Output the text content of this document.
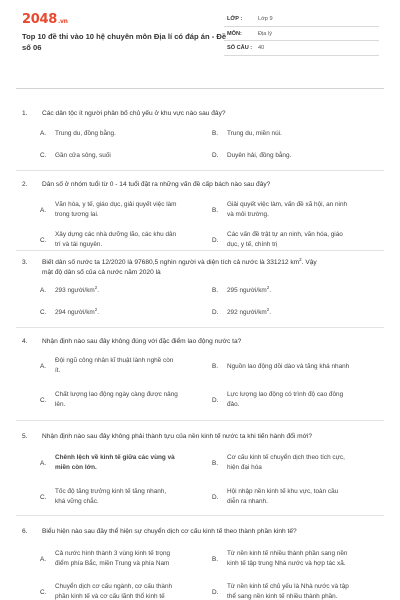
2048.vn
Top 10 đề thi vào 10 hệ chuyên môn Địa lí có đáp án - Đề số 06
LỚP :	Lớp 9
MÔN:	Địa lý
SỐ CÂU : 40
1. Các dân tộc ít người phân bố chủ yếu ở khu vực nào sau đây?
A. Trung du, đồng bằng.	B. Trung du, miền núi.
C. Gần cửa sông, suối	D. Duyên hải, đồng bằng.
2. Dân số ở nhóm tuổi từ 0 - 14 tuổi đặt ra những vấn đề cấp bách nào sau đây?
A.
Văn hóa, y tế, giáo dục, giải quyết việc làm
trong tương lai.
B.
Giải quyết việc làm, vấn đề xã hội, an ninh
và môi trường.
C.
Xây dựng các nhà dưỡng lão, các khu dân
trí và tài nguyên.
D.
Các vấn đề trật tự an ninh, văn hóa, giáo
dục, y tế, chính trị
3. Biết dân số nước ta 12/2020 là 97680,5 nghìn người và diện tích cả nước là 331212 $km^2$. Vậy
mật độ dân số của cả nước năm 2020 là
A. 293 người/$km^2$.	B. 295 người/$km^2$.
C. 294 người/$km^2$.	D. 292 người/$km^2$.
4. Nhận định nào sau đây không đúng với đặc điểm lao động nước ta?
A.
Đội ngũ công nhân kĩ thuật lành nghề còn
ít.
B. Nguồn lao động dồi dào và tăng khá nhanh
C.
Chất lượng lao động ngày càng được nâng
lên.
D.
Lực lượng lao động có trình độ cao đông
đảo.
5. Nhận định nào sau đây không phải thành tựu của nền kinh tế nước ta khi tiến hành đổi mới?
A.
Chênh lệch về kinh tế giữa các vùng và
miền còn lớn.
B.
Cơ cấu kinh tế chuyển dịch theo tích cực,
hiện đại hóa
C.
Tốc độ tăng trưởng kinh tế tăng nhanh,
khá vững chắc.
D.
Hội nhập nền kinh tế khu vực, toàn cầu
diễn ra nhanh.
6. Biểu hiện nào sau đây thể hiện sự chuyển dịch cơ cấu kinh tế theo thành phần kinh tế?
A.
Cả nước hình thành 3 vùng kinh tế trọng
điểm phía Bắc, miền Trung và phía Nam
B.
Từ nền kinh tế nhiều thành phần sang nền
kinh tế tập trung Nhà nước và hợp tác xã.
C.
Chuyển dịch cơ cấu ngành, cơ cấu thành
phần kinh tế và cơ cấu lãnh thổ kinh tế
D.
Từ nền kinh tế chủ yếu là Nhà nước và tập
thể sang nền kinh tế nhiều thành phần.
